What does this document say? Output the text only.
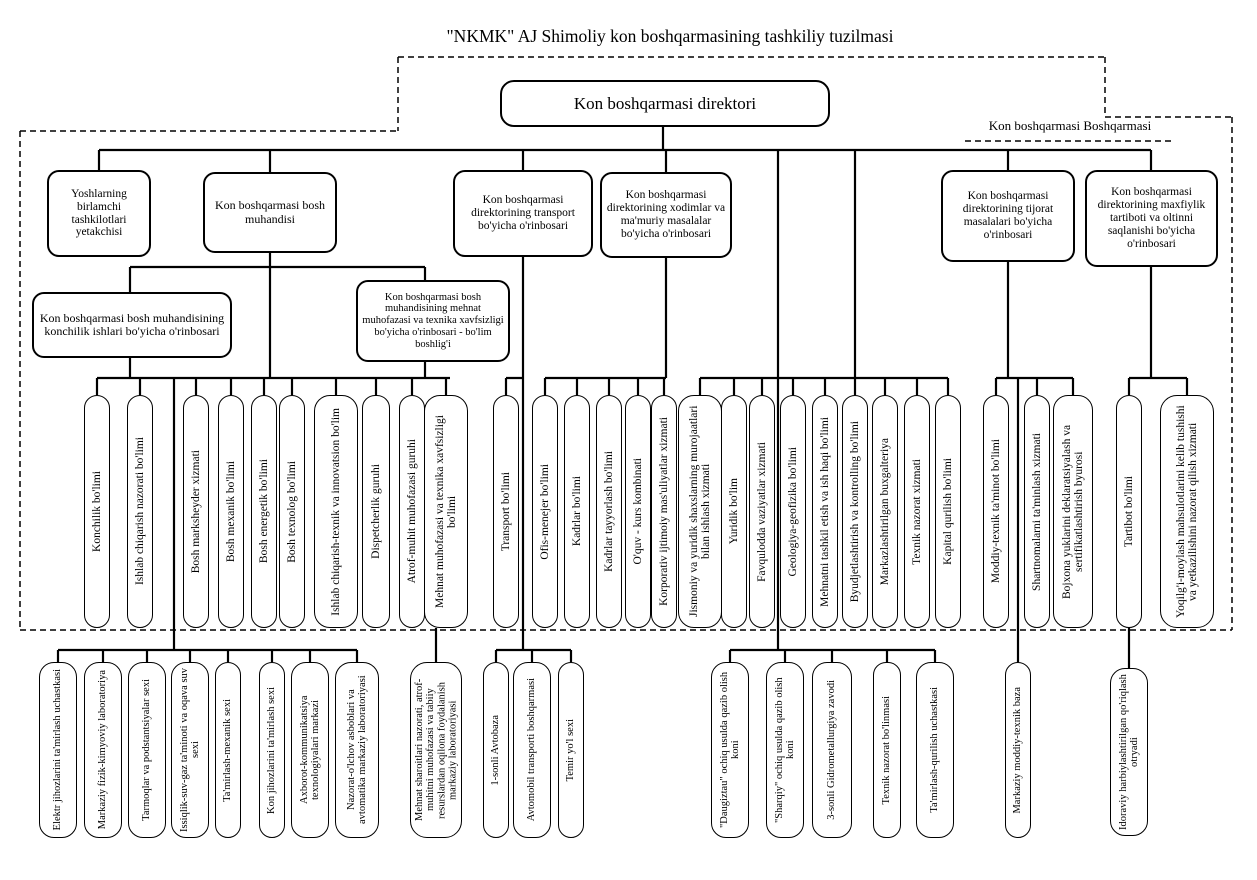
"NKMK" AJ Shimoliy kon boshqarmasining tashkiliy tuzilmasi
Kon boshqarmasi Boshqarmasi
Kon boshqarmasi direktori
Yoshlarning birlamchi tashkilotlari yetakchisi
Kon boshqarmasi bosh muhandisi
Kon boshqarmasi direktorining transport bo'yicha o'rinbosari
Kon boshqarmasi direktorining xodimlar va ma'muriy masalalar bo'yicha o'rinbosari
Kon boshqarmasi direktorining tijorat masalalari bo'yicha o'rinbosari
Kon boshqarmasi direktorining maxfiylik tartiboti va oltinni saqlanishi bo'yicha o'rinbosari
Kon boshqarmasi bosh muhandisining konchilik ishlari bo'yicha o'rinbosari
Kon boshqarmasi bosh muhandisining mehnat muhofazasi va texnika xavfsizligi bo'yicha o'rinbosari - bo'lim boshlig'i
Konchilik bo'limi	Ishlab chiqarish nazorati bo'limi	Bosh marksheyder xizmati Bosh mexanik bo'limi Bosh energetik bo'limi Bosh texnolog bo'limi	Ishlab chiqarish-texnik va innovatsion bo'lim Dispetcherlik guruhi Atrof-muhit muhofazasi guruhi Mehnat muhofazasi va texnika xavfsizligi bo'limi	Transport bo'limi Ofis-menejer bo'limi Kadrlar bo'limi Kadrlar tayyorlash bo'limi O'quv - kurs kombinati Korporativ ijtimoiy mas'uliyatlar xizmati Jismoniy va yuridik shaxslarning murojaatlari bilan ishlash xizmati Yuridik bo'lim Favqulodda vaziyatlar xizmati Geologiya-geofizika bo'limi Mehnatni tashkil etish va ish haqi bo'limi Byudjetlashtirish va kontrolling bo'limi Markazlashtirilgan buxgalteriya Texnik nazorat xizmati Kapital qurilish bo'limi	Moddiy-texnik ta'minot bo'limi	Shartnomalarni ta'minlash xizmati Bojxona yuklarini deklaratsiyalash va sertifikatlashtirish byurosi	Tartibot bo'limi	Yoqilg'i-moylash mahsulotlarini kelib tushishi va yetkazilishini nazorat qilish xizmati
Elektr jihozlarini ta'mirlash uchastkasi	Markaziy fizik-kimyoviy laboratoriya	Tarmoqlar va podstantsiyalar sexi	Issiqlik-suv-gaz ta'minoti va oqava suv sexi Ta'mirlash-mexanik sexi	Kon jihozlarini ta'mirlash sexi Axborot-kommunikatsiya texnologiyalari markazi Nazorat-o'lchov asboblari va avtomatika markaziy laboratoriyasi	Mehnat sharoitlari nazorati, atrof-muhitni muhofazasi va tabiiy resurslardan oqilona foydalanish markaziy laboratoriyasi	1-sonli Avtobaza Avtomobil transporti boshqarmasi	Temir yo'l sexi	"Daugiztau" ochiq usulda qazib olish koni	"Sharqiy" ochiq usulda qazib olish koni	3-sonli Gidrometallurgiya zavodi	Texnik nazorat bo'linmasi	Ta'mirlash-qurilish uchastkasi	Markaziy moddiy-texnik baza	Idoraviy harbiylashtirilgan qo'riqlash otryadi
